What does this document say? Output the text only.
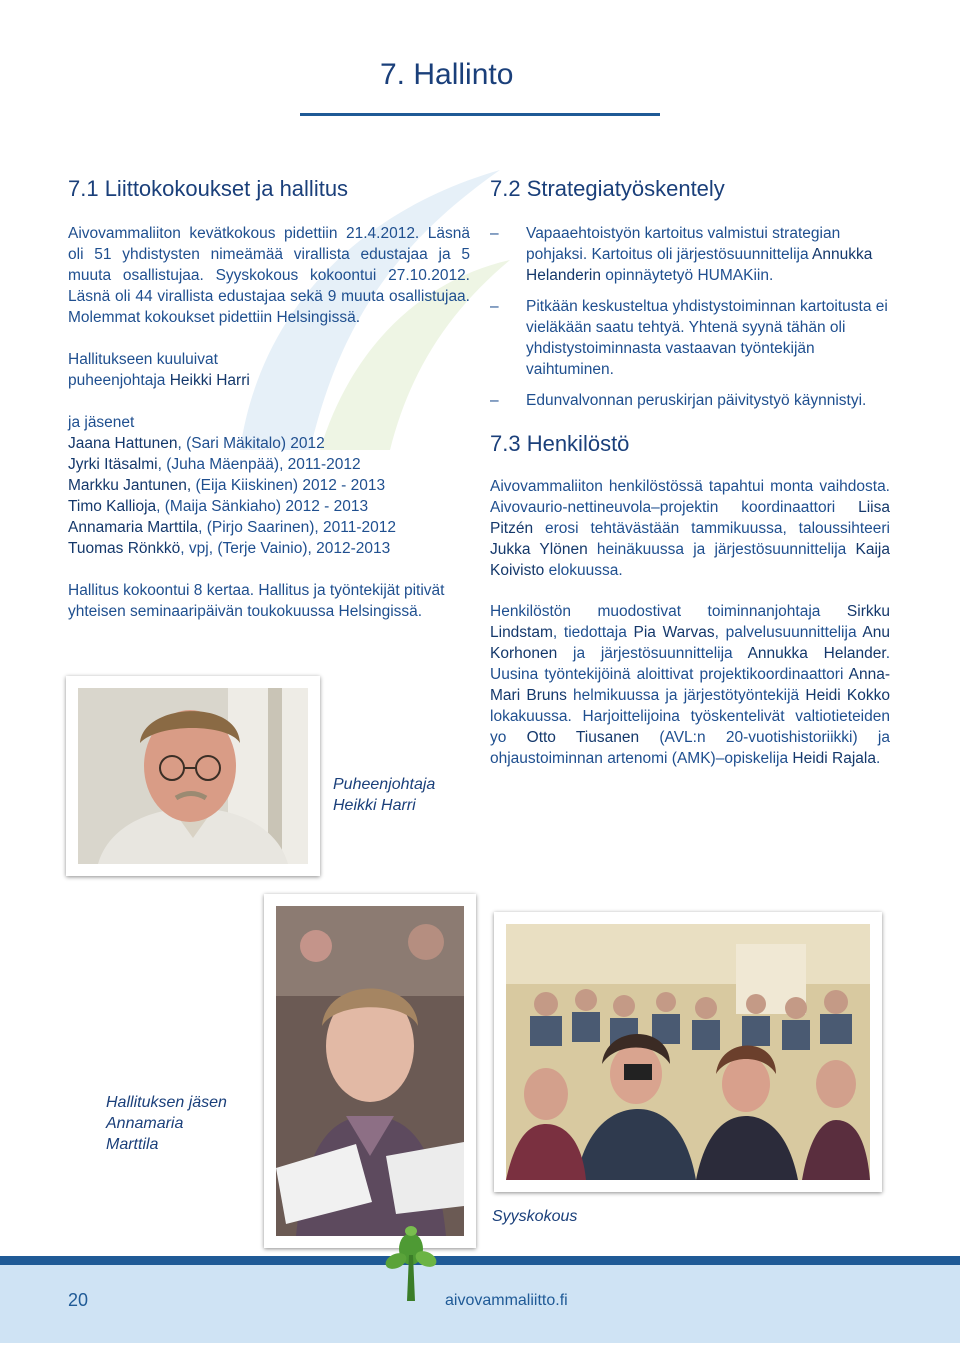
7. Hallinto
7.1 Liittokokoukset ja hallitus

Aivovammaliiton kevätkokous pidettiin 21.4.2012. Läsnä oli 51 yhdistysten nimeämää virallista edustajaa ja 5 muuta osallistujaa. Syyskokous kokoontui 27.10.2012. Läsnä oli 44 virallista edustajaa sekä 9 muuta osallistujaa. Molemmat kokoukset pidettiin Helsingissä.

Hallitukseen kuuluivat
puheenjohtaja Heikki Harri

ja jäsenet

Jaana Hattunen, (Sari Mäkitalo) 2012
Jyrki Itäsalmi, (Juha Mäenpää), 2011-2012
Markku Jantunen, (Eija Kiiskinen) 2012 - 2013
Timo Kallioja, (Maija Sänkiaho) 2012 - 2013
Annamaria Marttila, (Pirjo Saarinen), 2011-2012
Tuomas Rönkkö, vpj, (Terje Vainio), 2012-2013

Hallitus kokoontui 8 kertaa. Hallitus ja työntekijät pitivät yhteisen seminaaripäivän toukokuussa Helsingissä.

7.2 Strategiatyöskentely
– Vapaaehtoistyön kartoitus valmistui strategian pohjaksi. Kartoitus oli järjestösuunnittelija Annukka Helanderin opinnäytetyö HUMAKiin.
– Pitkään keskusteltua yhdistystoiminnan kartoitusta ei vieläkään saatu tehtyä. Yhtenä syynä tähän oli yhdistystoiminnasta vastaavan työntekijän vaihtuminen.
– Edunvalvonnan peruskirjan päivitystyö käynnistyi.
7.3 Henkilöstö

Aivovammaliiton henkilöstössä tapahtui monta vaihdosta. Aivovaurio-nettineuvola–projektin koordinaattori Liisa Pitzén erosi tehtävästään tammikuussa, taloussihteeri Jukka Ylönen heinäkuussa ja järjestösuunnittelija Kaija Koivisto elokuussa.

Henkilöstön muodostivat toiminnanjohtaja Sirkku Lindstam, tiedottaja Pia Warvas, palvelusuunnittelija Anu Korhonen ja järjestösuunnittelija Annukka Helander. Uusina työntekijöinä aloittivat projektikoordinaattori Anna-Mari Bruns helmikuussa ja järjestötyöntekijä Heidi Kokko lokakuussa. Harjoittelijoina työskentelivät valtiotieteiden yo Otto Tiusanen (AVL:n 20-vuotishistoriikki) ja ohjaustoiminnan artenomi (AMK)–opiskelija Heidi Rajala.

Puheenjohtaja
Heikki Harri
Hallituksen jäsen
Annamaria
Marttila
Syyskokous
20	aivovammaliitto.fi
